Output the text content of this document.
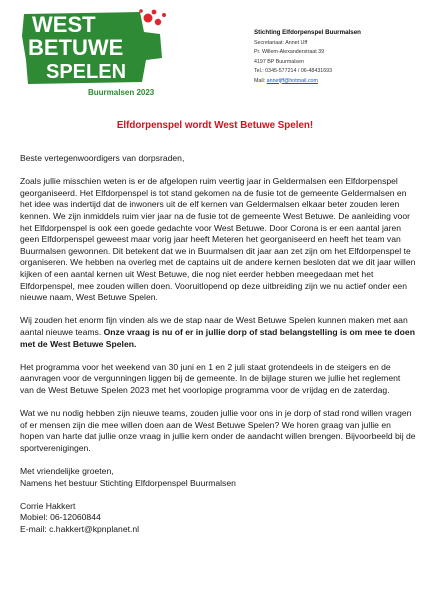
WEST
BETUWE
SPELEN
Buurmalsen 2023
Stichting Elfdorpenspel Buurmalsen
Secretariaat: Annet Uff
Pr. Willem-Alexanderstraat 39
4197 BP Buurmalsen
Tel.: 0345-577214 / 06-48431693
Mail: annetjff@hotmail.com
Elfdorpenspel wordt West Betuwe Spelen!

Beste vertegenwoordigers van dorpsraden,

Zoals jullie misschien weten is er de afgelopen ruim veertig jaar in Geldermalsen een Elfdorpenspel georganiseerd. Het Elfdorpenspel is tot stand gekomen na de fusie tot de gemeente Geldermalsen en het idee was indertijd dat de inwoners uit de elf kernen van Geldermalsen elkaar beter zouden leren kennen. We zijn inmiddels ruim vier jaar na de fusie tot de gemeente West Betuwe. De aanleiding voor het Elfdorpenspel is ook een goede gedachte voor West Betuwe. Door Corona is er een aantal jaren geen Elfdorpenspel geweest maar vorig jaar heeft Meteren het georganiseerd en heeft het team van Buurmalsen gewonnen. Dit betekent dat we in Buurmalsen dit jaar aan zet zijn om het Elfdorpenspel te organiseren. We hebben na overleg met de captains uit de andere kernen besloten dat we dit jaar willen kijken of een aantal kernen uit West Betuwe, die nog niet eerder hebben meegedaan met het Elfdorpenspel, mee zouden willen doen. Vooruitlopend op deze uitbreiding zijn we nu actief onder een nieuwe naam, West Betuwe Spelen.

Wij zouden het enorm fijn vinden als we de stap naar de West Betuwe Spelen kunnen maken met aan aantal nieuwe teams. Onze vraag is nu of er in jullie dorp of stad belangstelling is om mee te doen met de West Betuwe Spelen.

Het programma voor het weekend van 30 juni en 1 en 2 juli staat grotendeels in de steigers en de aanvragen voor de vergunningen liggen bij de gemeente. In de bijlage sturen we jullie het reglement van de West Betuwe Spelen 2023 met het voorlopige programma voor de vrijdag en de zaterdag.

Wat we nu nodig hebben zijn nieuwe teams, zouden jullie voor ons in je dorp of stad rond willen vragen of er mensen zijn die mee willen doen aan de West Betuwe Spelen? We horen graag van jullie en hopen van harte dat jullie onze vraag in jullie kern onder de aandacht willen brengen. Bijvoorbeeld bij de sportverenigingen.

Met vriendelijke groeten,
Namens het bestuur Stichting Elfdorpenspel Buurmalsen
Corrie Hakkert
Mobiel: 06-12060844
E-mail: c.hakkert@kpnplanet.nl
